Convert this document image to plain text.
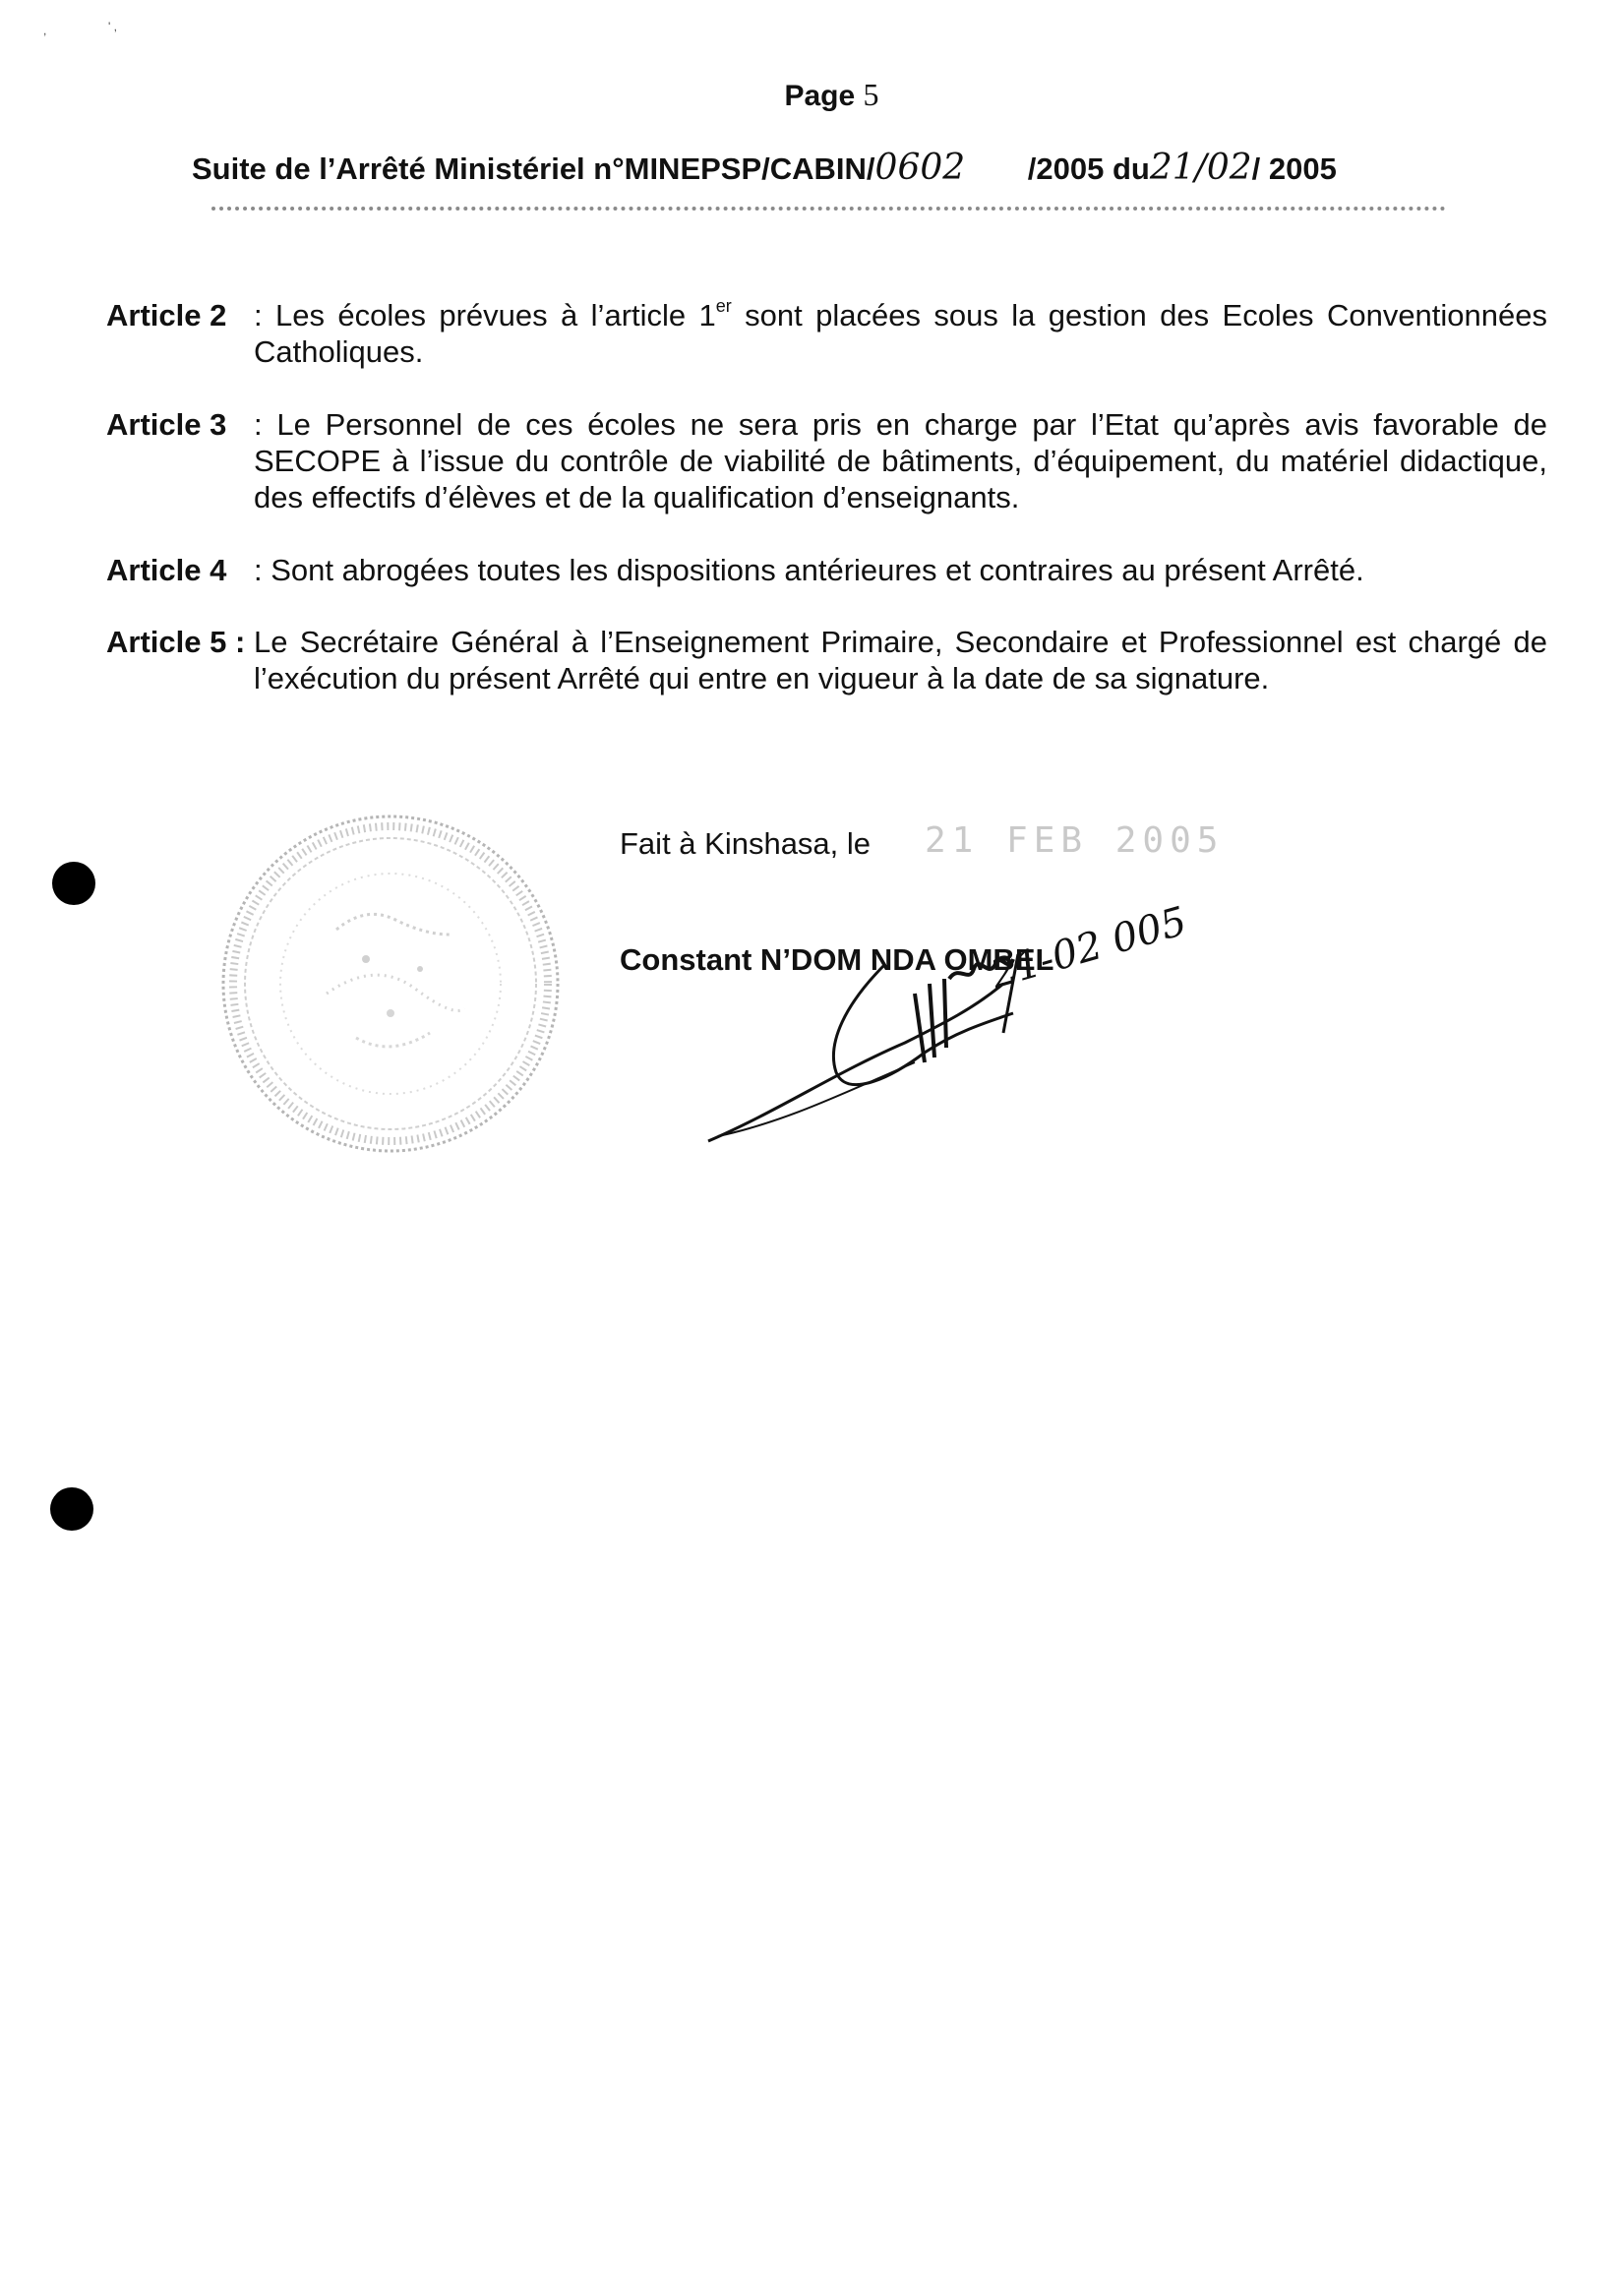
,	' ,
Page 5
Suite de l’Arrêté Ministériel n°MINEPSP/CABIN/0602 /2005 du21/02/ 2005
Article 2 : Les écoles prévues à l’article 1er sont placées sous la gestion des Ecoles Conventionnées Catholiques.
Article 3 : Le Personnel de ces écoles ne sera pris en charge par l’Etat qu’après avis favorable de SECOPE à l’issue du contrôle de viabilité de bâtiments, d’équipement, du matériel didactique, des effectifs d’élèves et de la qualification d’enseignants.
Article 4 : Sont abrogées toutes les dispositions antérieures et contraires au présent Arrêté.
Article 5 : Le Secrétaire Général à l’Enseignement Primaire, Secondaire et Professionnel est chargé de l’exécution du présent Arrêté qui entre en vigueur à la date de sa signature.
Fait à Kinshasa, le 21 FEB 2005
Constant N’DOM NDA OMBEL
21-02 005
